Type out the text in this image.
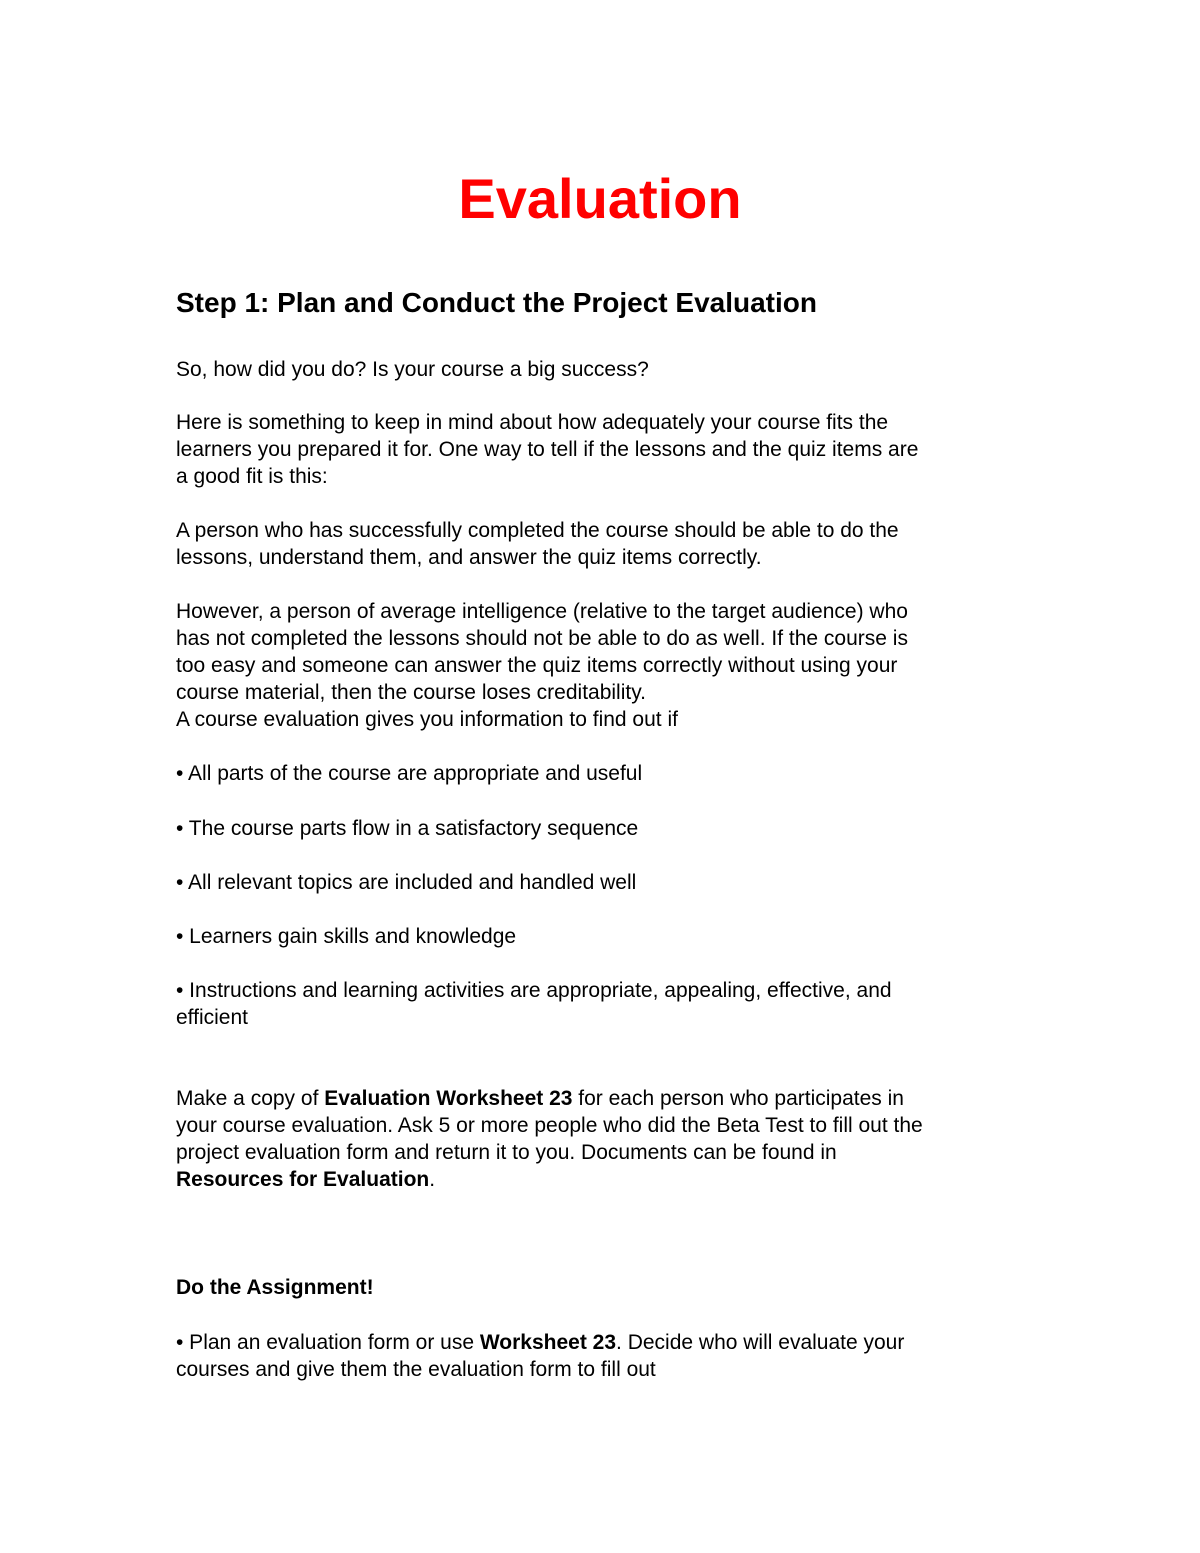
Evaluation
Step 1: Plan and Conduct the Project Evaluation
So, how did you do? Is your course a big success?
Here is something to keep in mind about how adequately your course fits the
learners you prepared it for. One way to tell if the lessons and the quiz items are
a good fit is this:
A person who has successfully completed the course should be able to do the
lessons, understand them, and answer the quiz items correctly.
However, a person of average intelligence (relative to the target audience) who
has not completed the lessons should not be able to do as well. If the course is
too easy and someone can answer the quiz items correctly without using your
course material, then the course loses creditability.
A course evaluation gives you information to find out if
• All parts of the course are appropriate and useful
• The course parts flow in a satisfactory sequence
• All relevant topics are included and handled well
• Learners gain skills and knowledge
• Instructions and learning activities are appropriate, appealing, effective, and
efficient
Make a copy of Evaluation Worksheet 23 for each person who participates in
your course evaluation. Ask 5 or more people who did the Beta Test to fill out the
project evaluation form and return it to you. Documents can be found in
Resources for Evaluation.
Do the Assignment!
• Plan an evaluation form or use Worksheet 23. Decide who will evaluate your
courses and give them the evaluation form to fill out
